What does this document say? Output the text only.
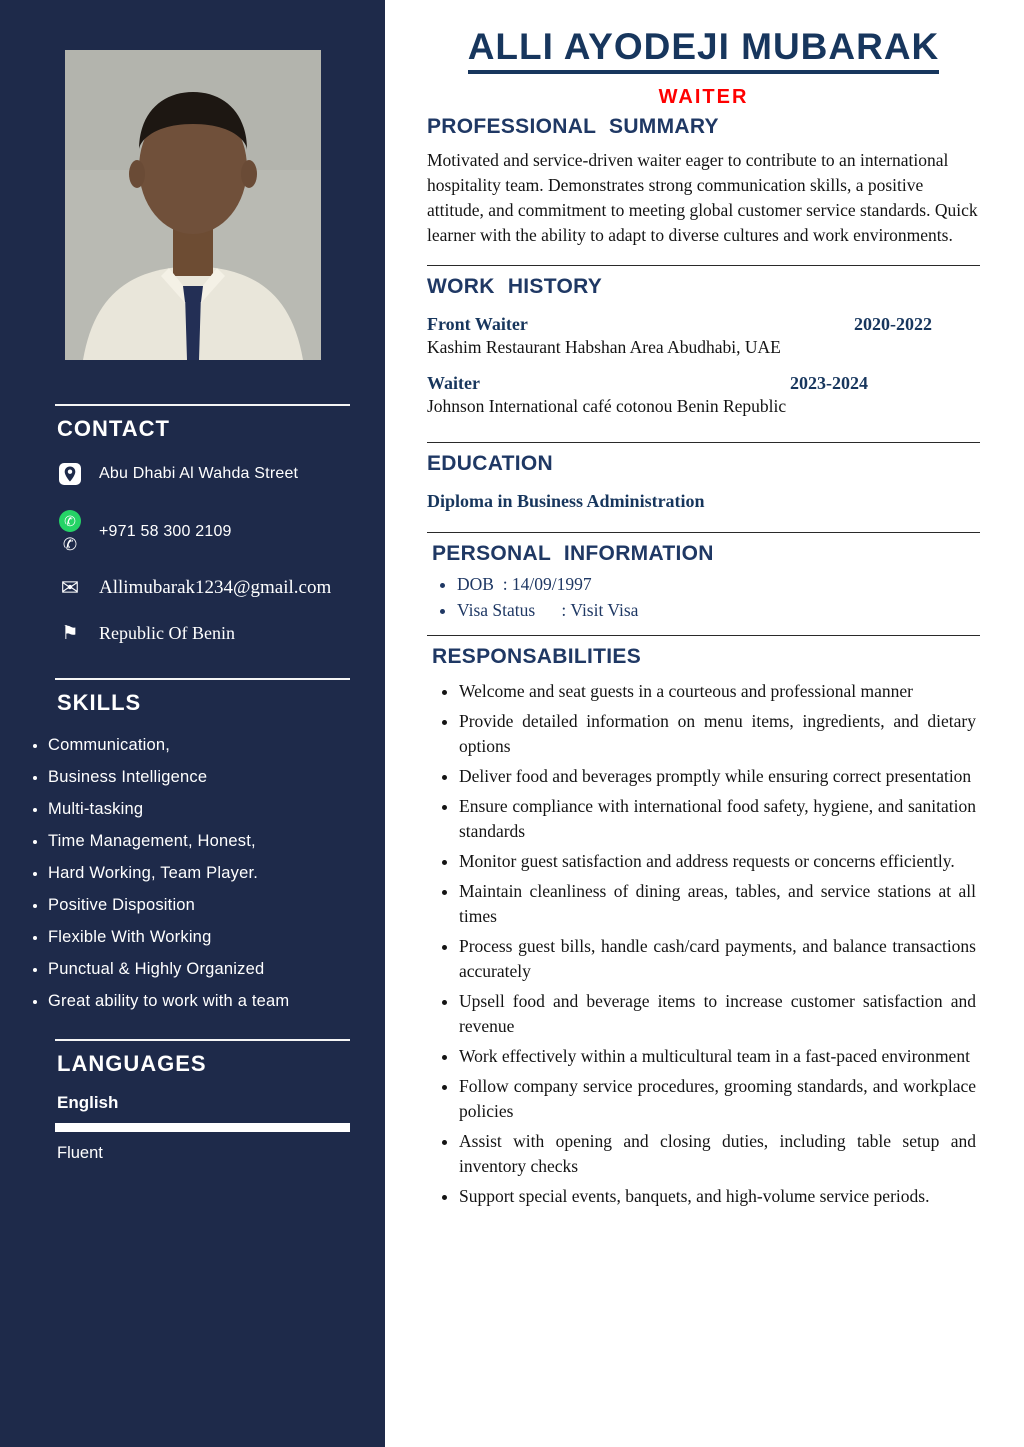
CONTACT
Abu Dhabi Al Wahda Street
✆
✆
+971 58 300 2109
✉ Allimubarak1234@gmail.com
⚑ Republic Of Benin
SKILLS
• Communication,
• Business Intelligence
• Multi-tasking
• Time Management, Honest,
• Hard Working, Team Player.
• Positive Disposition
• Flexible With Working
• Punctual & Highly Organized
• Great ability to work with a team
LANGUAGES
English
Fluent
ALLI AYODEJI MUBARAK
WAITER
PROFESSIONAL SUMMARY

Motivated and service-driven waiter eager to contribute to an international hospitality team. Demonstrates strong communication skills, a positive attitude, and commitment to meeting global customer service standards. Quick learner with the ability to adapt to diverse cultures and work environments.

WORK HISTORY
Front Waiter	2020-2022
Kashim Restaurant Habshan Area Abudhabi, UAE
Waiter	2023-2024
Johnson International café cotonou Benin Republic
EDUCATION
Diploma in Business Administration
PERSONAL INFORMATION
• DOB  : 14/09/1997
• Visa Status      : Visit Visa
RESPONSABILITIES
• Welcome and seat guests in a courteous and professional manner
• Provide detailed information on menu items, ingredients, and dietary options
• Deliver food and beverages promptly while ensuring correct presentation
• Ensure compliance with international food safety, hygiene, and sanitation standards
• Monitor guest satisfaction and address requests or concerns efficiently.
• Maintain cleanliness of dining areas, tables, and service stations at all times
• Process guest bills, handle cash/card payments, and balance transactions accurately
• Upsell food and beverage items to increase customer satisfaction and revenue
• Work effectively within a multicultural team in a fast-paced environment
• Follow company service procedures, grooming standards, and workplace policies
• Assist with opening and closing duties, including table setup and inventory checks
• Support special events, banquets, and high-volume service periods.
